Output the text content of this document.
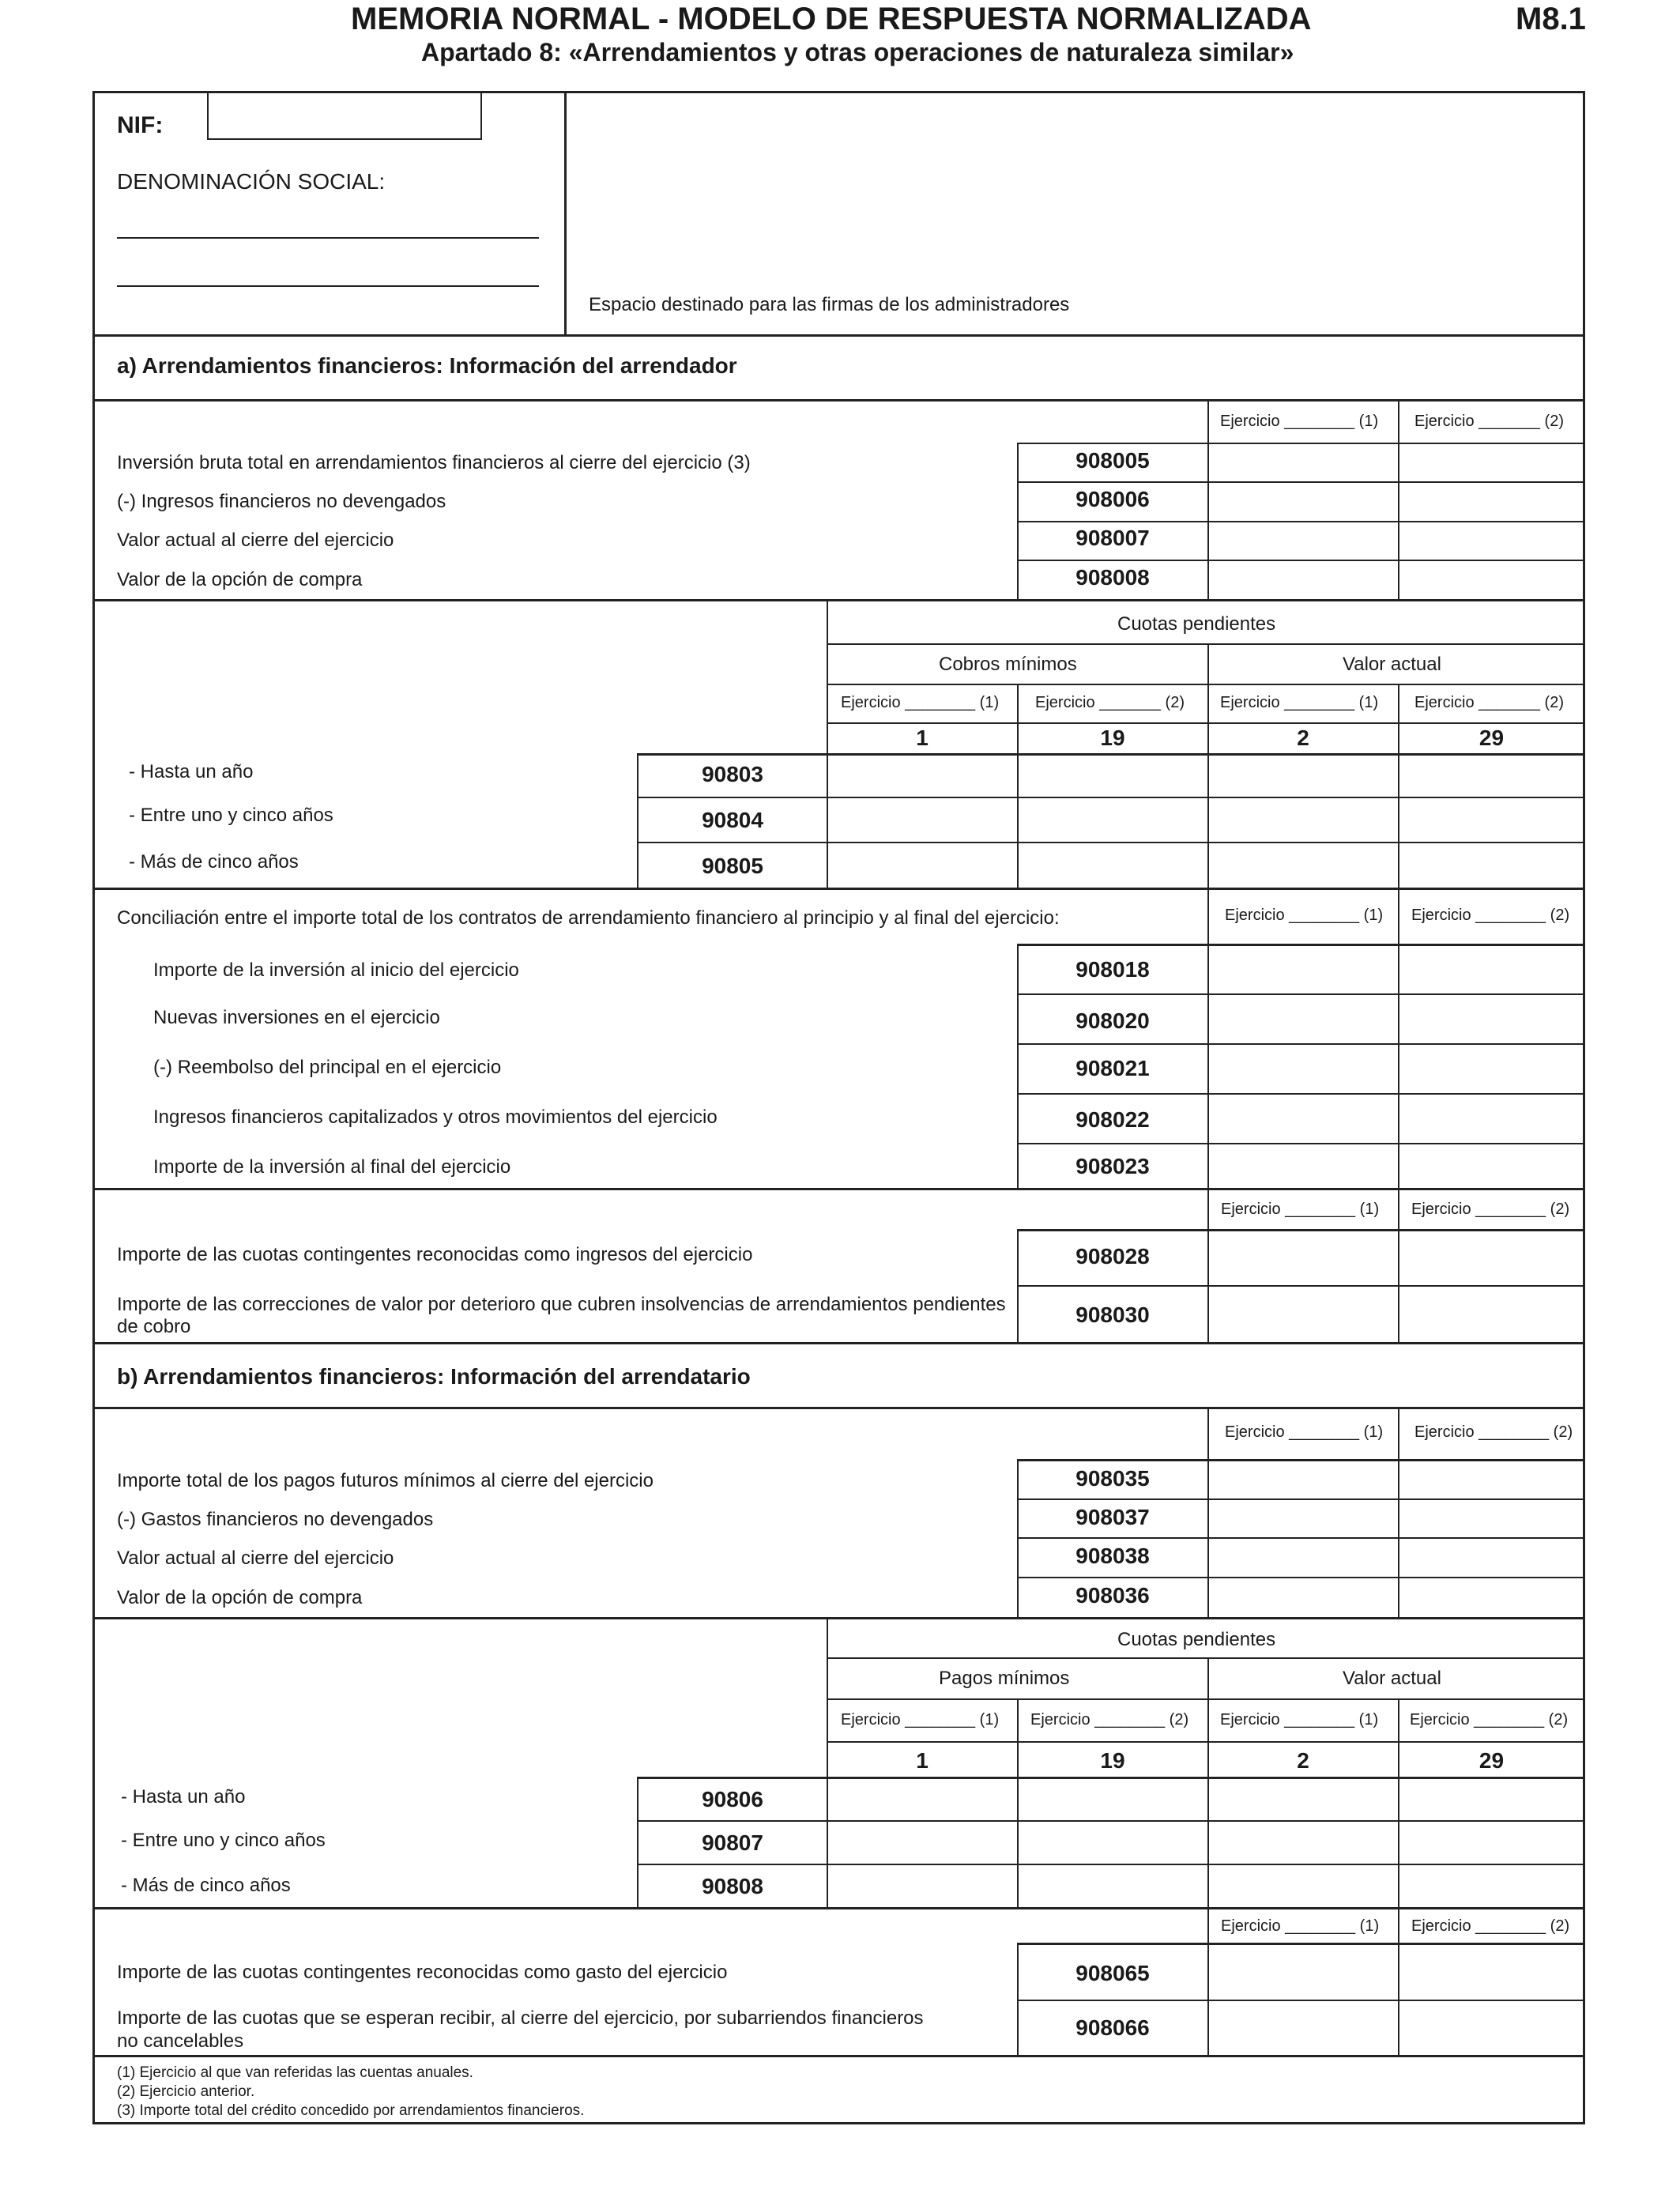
MEMORIA NORMAL - MODELO DE RESPUESTA NORMALIZADA	M8.1
Apartado 8: «Arrendamientos y otras operaciones de naturaleza similar»
NIF:
DENOMINACIÓN SOCIAL:
Espacio destinado para las firmas de los administradores
a) Arrendamientos financieros: Información del arrendador
Ejercicio ________ (1) Ejercicio _______ (2)
Inversión bruta total en arrendamientos financieros al cierre del ejercicio (3)	908005
(-) Ingresos financieros no devengados	908006
Valor actual al cierre del ejercicio	908007
Valor de la opción de compra	908008
Cuotas pendientes
Cobros mínimos	Valor actual
Ejercicio ________ (1) Ejercicio _______ (2) Ejercicio ________ (1) Ejercicio _______ (2)
1	19	2	29
- Hasta un año	90803
- Entre uno y cinco años	90804
- Más de cinco años	90805
Conciliación entre el importe total de los contratos de arrendamiento financiero al principio y al final del ejercicio:	Ejercicio ________ (1) Ejercicio ________ (2)
Importe de la inversión al inicio del ejercicio	908018
Nuevas inversiones en el ejercicio	908020
(-) Reembolso del principal en el ejercicio	908021
Ingresos financieros capitalizados y otros movimientos del ejercicio	908022
Importe de la inversión al final del ejercicio	908023
Ejercicio ________ (1) Ejercicio ________ (2)
Importe de las cuotas contingentes reconocidas como ingresos del ejercicio	908028
Importe de las correcciones de valor por deterioro que cubren insolvencias de arrendamientos pendientes
de cobro	908030
b) Arrendamientos financieros: Información del arrendatario
Ejercicio ________ (1) Ejercicio ________ (2)
Importe total de los pagos futuros mínimos al cierre del ejercicio	908035
(-) Gastos financieros no devengados	908037
Valor actual al cierre del ejercicio	908038
Valor de la opción de compra	908036
Cuotas pendientes
Pagos mínimos	Valor actual
Ejercicio ________ (1) Ejercicio ________ (2) Ejercicio ________ (1) Ejercicio ________ (2)
1	19	2	29
- Hasta un año	90806
- Entre uno y cinco años	90807
- Más de cinco años	90808
Ejercicio ________ (1) Ejercicio ________ (2)
Importe de las cuotas contingentes reconocidas como gasto del ejercicio	908065
Importe de las cuotas que se esperan recibir, al cierre del ejercicio, por subarriendos financieros
no cancelables
908066
(1) Ejercicio al que van referidas las cuentas anuales.
(2) Ejercicio anterior.
(3) Importe total del crédito concedido por arrendamientos financieros.
